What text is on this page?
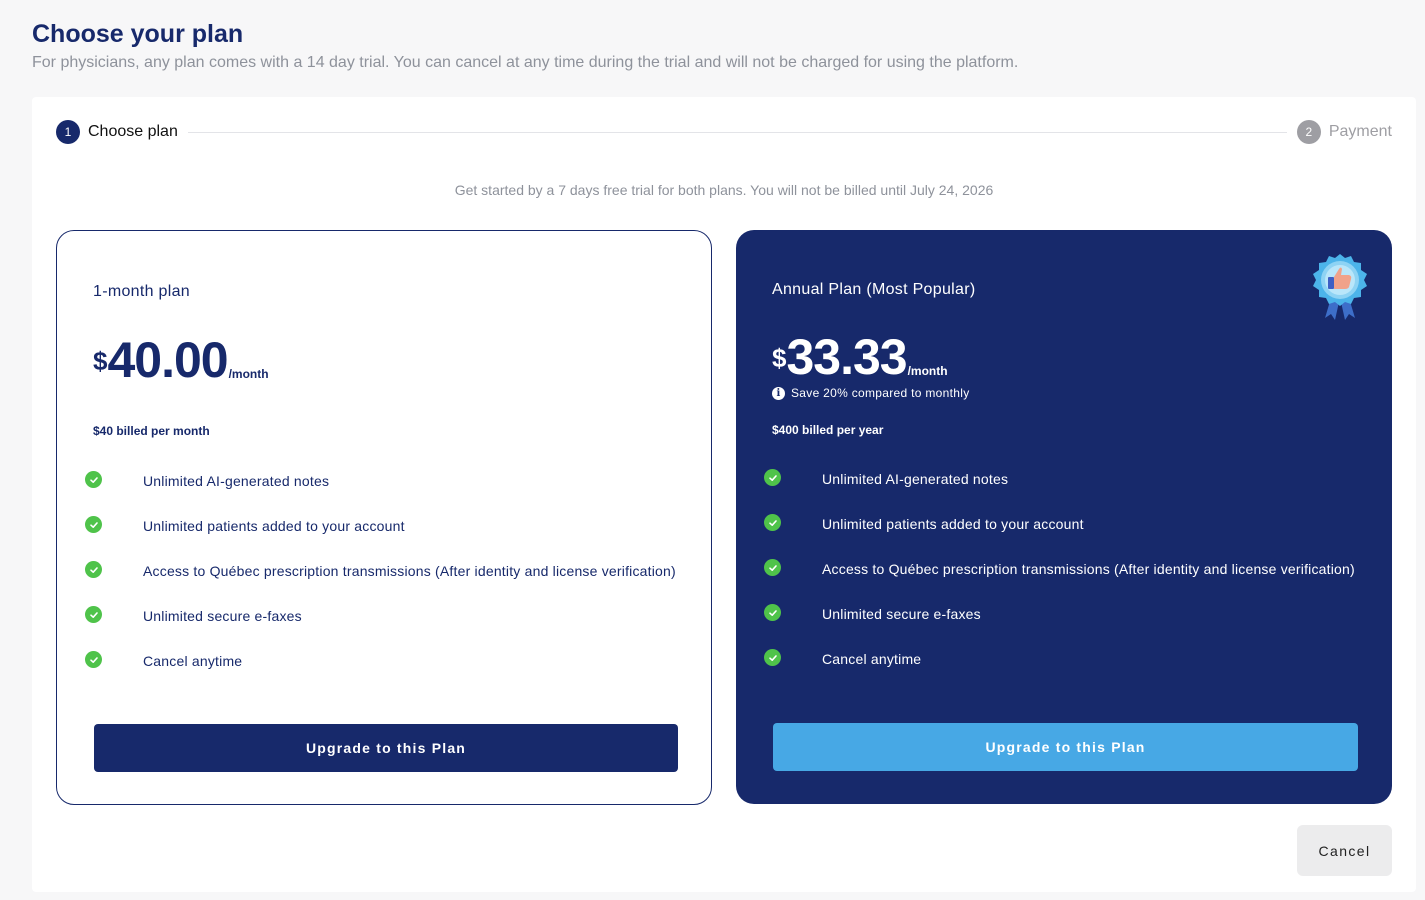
Choose your plan

For physicians, any plan comes with a 14 day trial. You can cancel at any time during the trial and will not be charged for using the platform.

1	Choose plan	2	Payment

Get started by a 7 days free trial for both plans. You will not be billed until July 24, 2026

1-month plan
$ 40.00 /month
$40 billed per month
Unlimited AI-generated notes
Unlimited patients added to your account
Access to Québec prescription transmissions (After identity and license verification)
Unlimited secure e-faxes
Cancel anytime
Upgrade to this Plan
Annual Plan (Most Popular)
$ 33.33 /month
i Save 20% compared to monthly
$400 billed per year
Unlimited AI-generated notes
Unlimited patients added to your account
Access to Québec prescription transmissions (After identity and license verification)
Unlimited secure e-faxes
Cancel anytime
Upgrade to this Plan
Cancel
